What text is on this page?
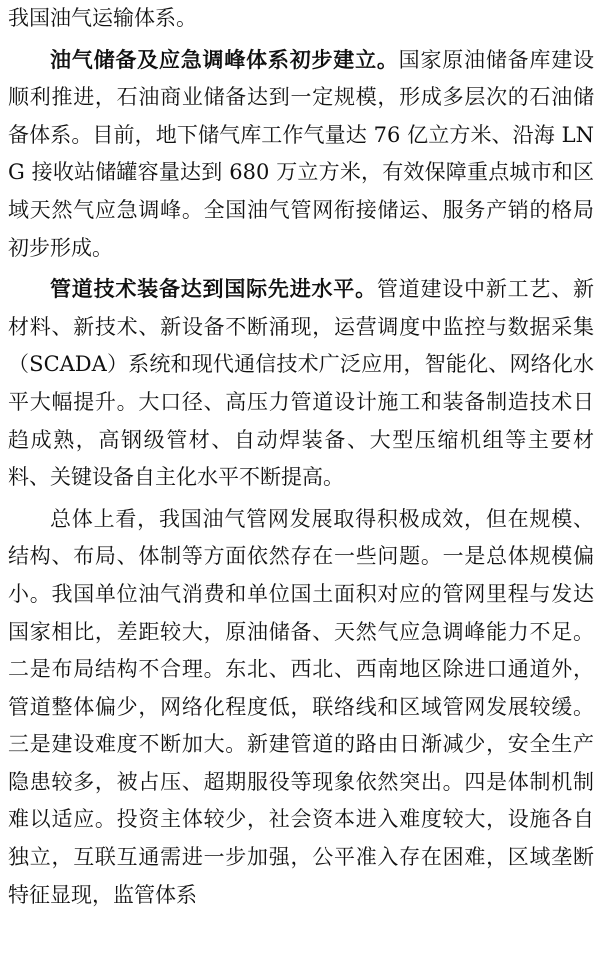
我国油气运输体系。

油气储备及应急调峰体系初步建立。国家原油储备库建设顺利推进，石油商业储备达到一定规模，形成多层次的石油储备体系。目前，地下储气库工作气量达 76 亿立方米、沿海 LNG 接收站储罐容量达到 680 万立方米，有效保障重点城市和区域天然气应急调峰。全国油气管网衔接储运、服务产销的格局初步形成。

管道技术装备达到国际先进水平。管道建设中新工艺、新材料、新技术、新设备不断涌现，运营调度中监控与数据采集（SCADA）系统和现代通信技术广泛应用，智能化、网络化水平大幅提升。大口径、高压力管道设计施工和装备制造技术日趋成熟，高钢级管材、自动焊装备、大型压缩机组等主要材料、关键设备自主化水平不断提高。

总体上看，我国油气管网发展取得积极成效，但在规模、结构、布局、体制等方面依然存在一些问题。一是总体规模偏小。我国单位油气消费和单位国土面积对应的管网里程与发达国家相比，差距较大，原油储备、天然气应急调峰能力不足。二是布局结构不合理。东北、西北、西南地区除进口通道外，管道整体偏少，网络化程度低，联络线和区域管网发展较缓。三是建设难度不断加大。新建管道的路由日渐减少，安全生产隐患较多，被占压、超期服役等现象依然突出。四是体制机制难以适应。投资主体较少，社会资本进入难度较大，设施各自独立，互联互通需进一步加强，公平准入存在困难，区域垄断特征显现，监管体系
